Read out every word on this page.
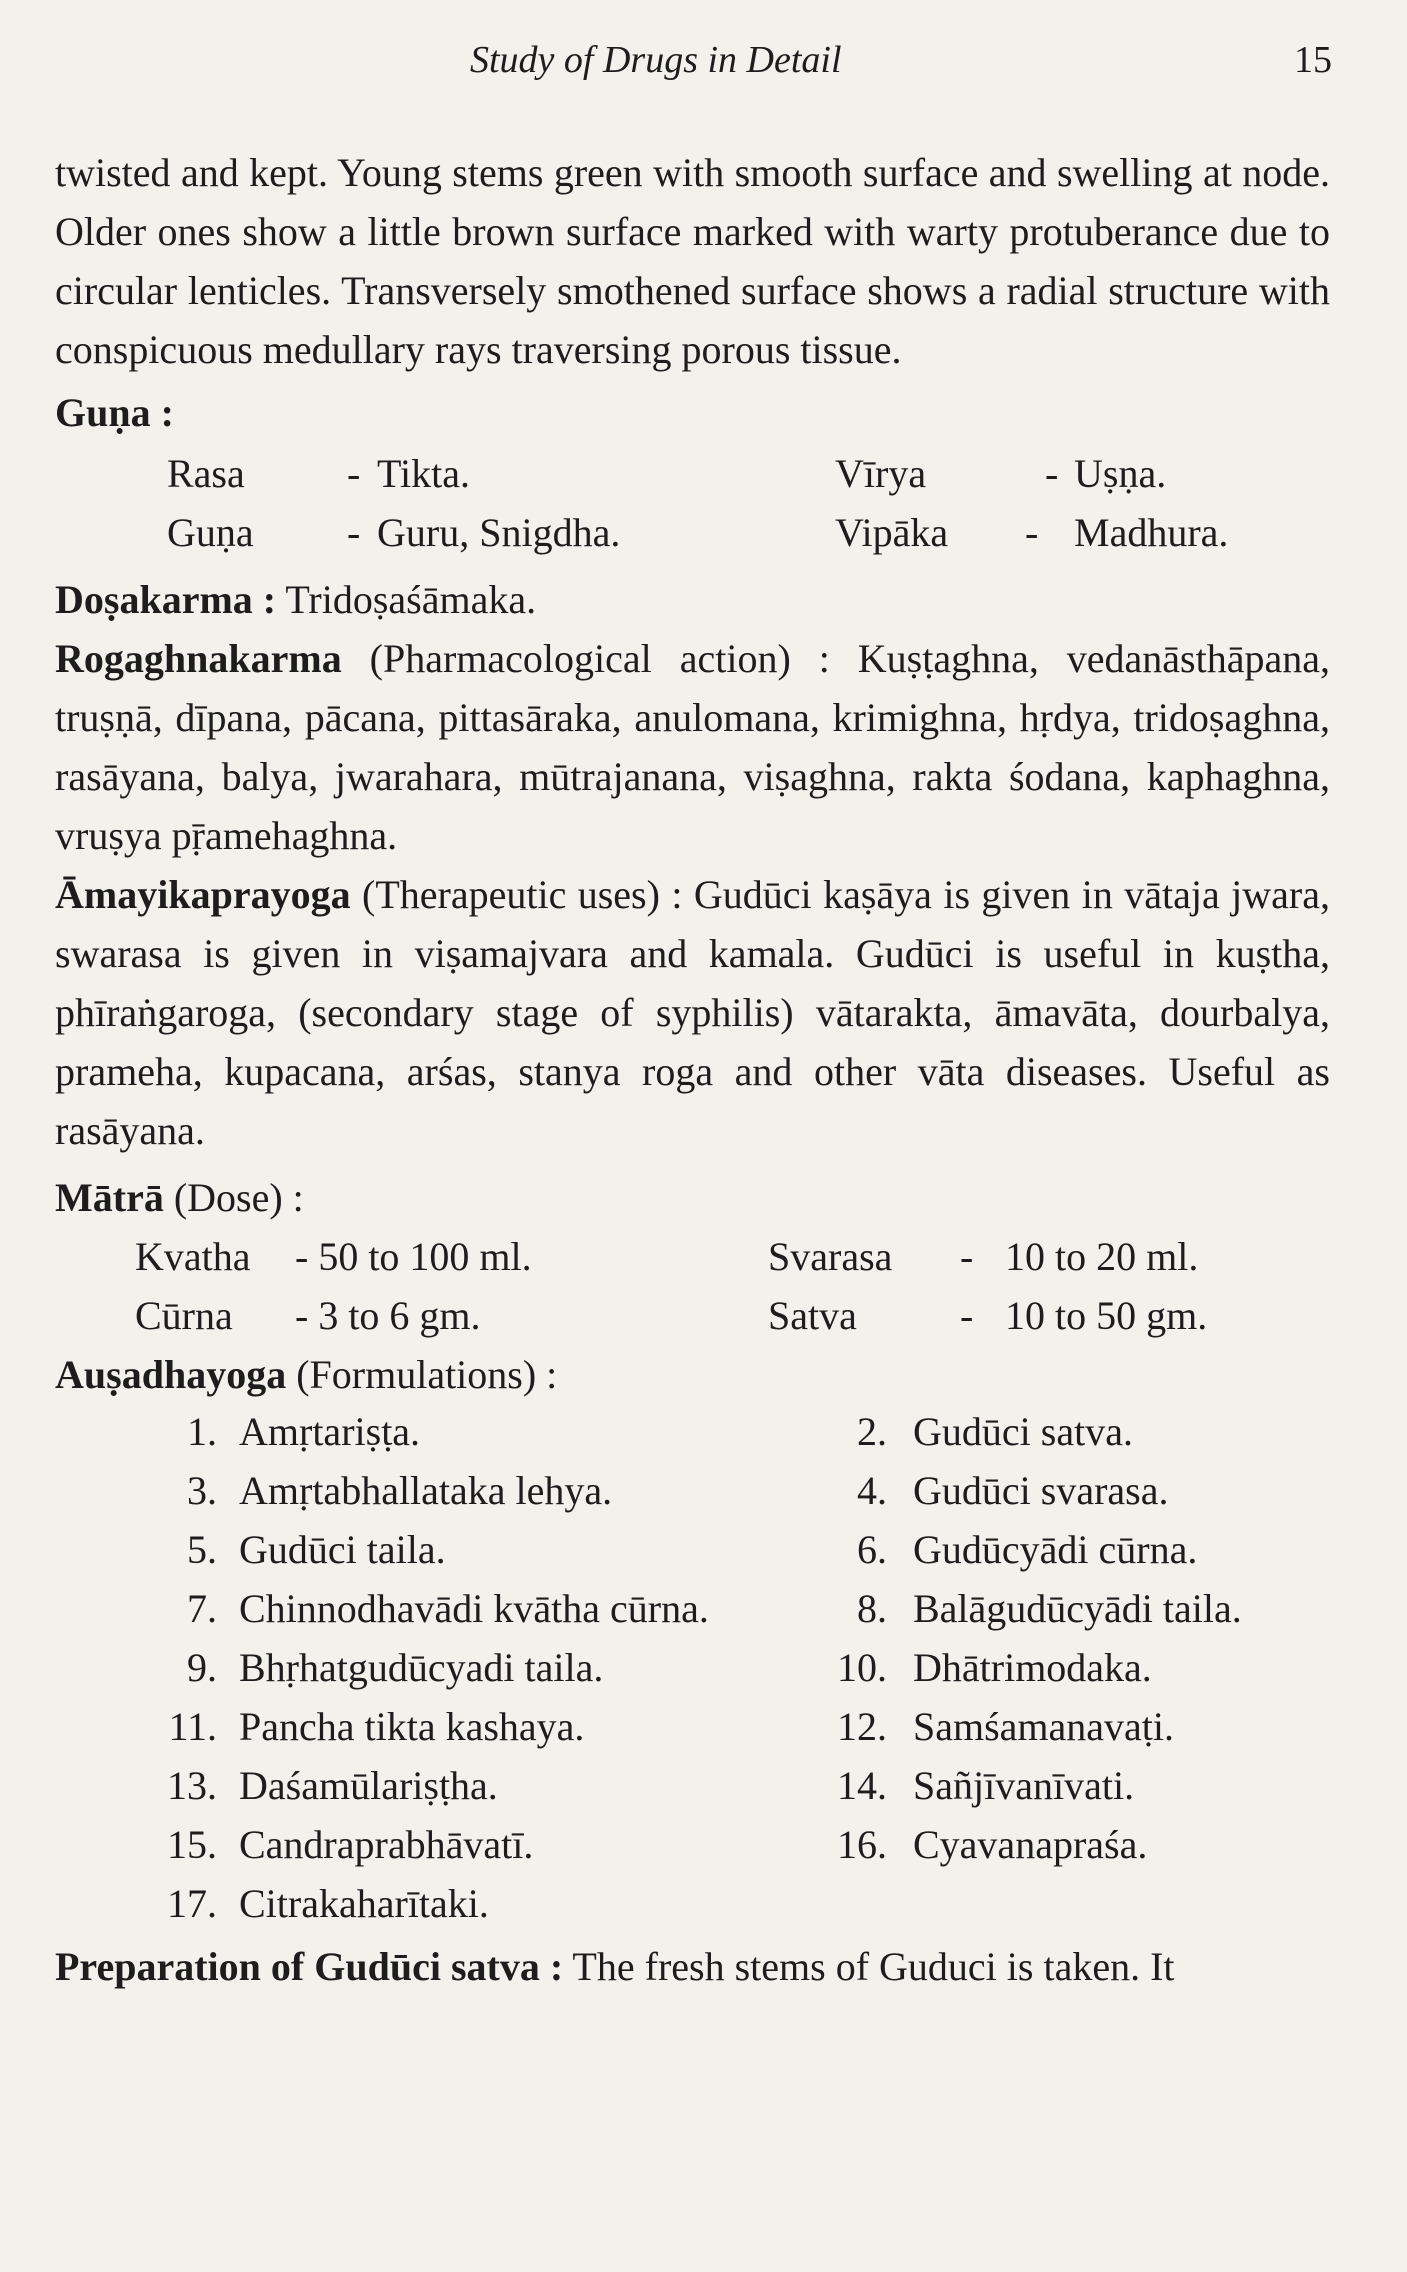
Study of Drugs in Detail	15

twisted and kept. Young stems green with smooth surface and swelling at node. Older ones show a little brown surface marked with warty protuberance due to circular lenticles. Transversely smothened surface shows a radial structure with conspicuous medullary rays traversing porous tissue.

Guṇa :

Rasa	- Tikta.	Vīrya	- Uṣṇa.
Guṇa - Guru, Snigdha.	Vipāka - Madhura.

Doṣakarma : Tridoṣaśāmaka.

Rogaghnakarma (Pharmacological action) : Kuṣṭaghna, vedanāsthāpana, truṣṇā, dīpana, pācana, pittasāraka, anulomana, krimighna, hṛdya, tridoṣaghna, rasāyana, balya, jwarahara, mūtrajanana, viṣaghna, rakta śodana, kaphaghna, vruṣya pṝamehaghna.

Āmayikaprayoga (Therapeutic uses) : Gudūci kaṣāya is given in vātaja jwara, swarasa is given in viṣamajvara and kamala. Gudūci is useful in kuṣtha, phīraṅgaroga, (secondary stage of syphilis) vātarakta, āmavāta, dourbalya, prameha, kupacana, arśas, stanya roga and other vāta diseases. Useful as rasāyana.

Mātrā (Dose) :

Kvatha - 50 to 100 ml.	Svarasa - 10 to 20 ml.
Cūrna - 3 to 6 gm.	Satva	- 10 to 50 gm.

Auṣadhayoga (Formulations) :

1. Amṛtariṣṭa.	2. Gudūci satva.
3. Amṛtabhallataka lehya.	4. Gudūci svarasa.
5. Gudūci taila.	6. Gudūcyādi cūrna.
7. Chinnodhavādi kvātha cūrna.	8. Balāgudūcyādi taila.
9. Bhṛhatgudūcyadi taila.	10. Dhātrimodaka.
11. Pancha tikta kashaya.	12. Samśamanavaṭi.
13. Daśamūlariṣṭha.	14. Sañjīvanīvati.
15. Candraprabhāvatī.	16. Cyavanapraśa.
17. Citrakaharītaki.

Preparation of Gudūci satva : The fresh stems of Guduci is taken. It
